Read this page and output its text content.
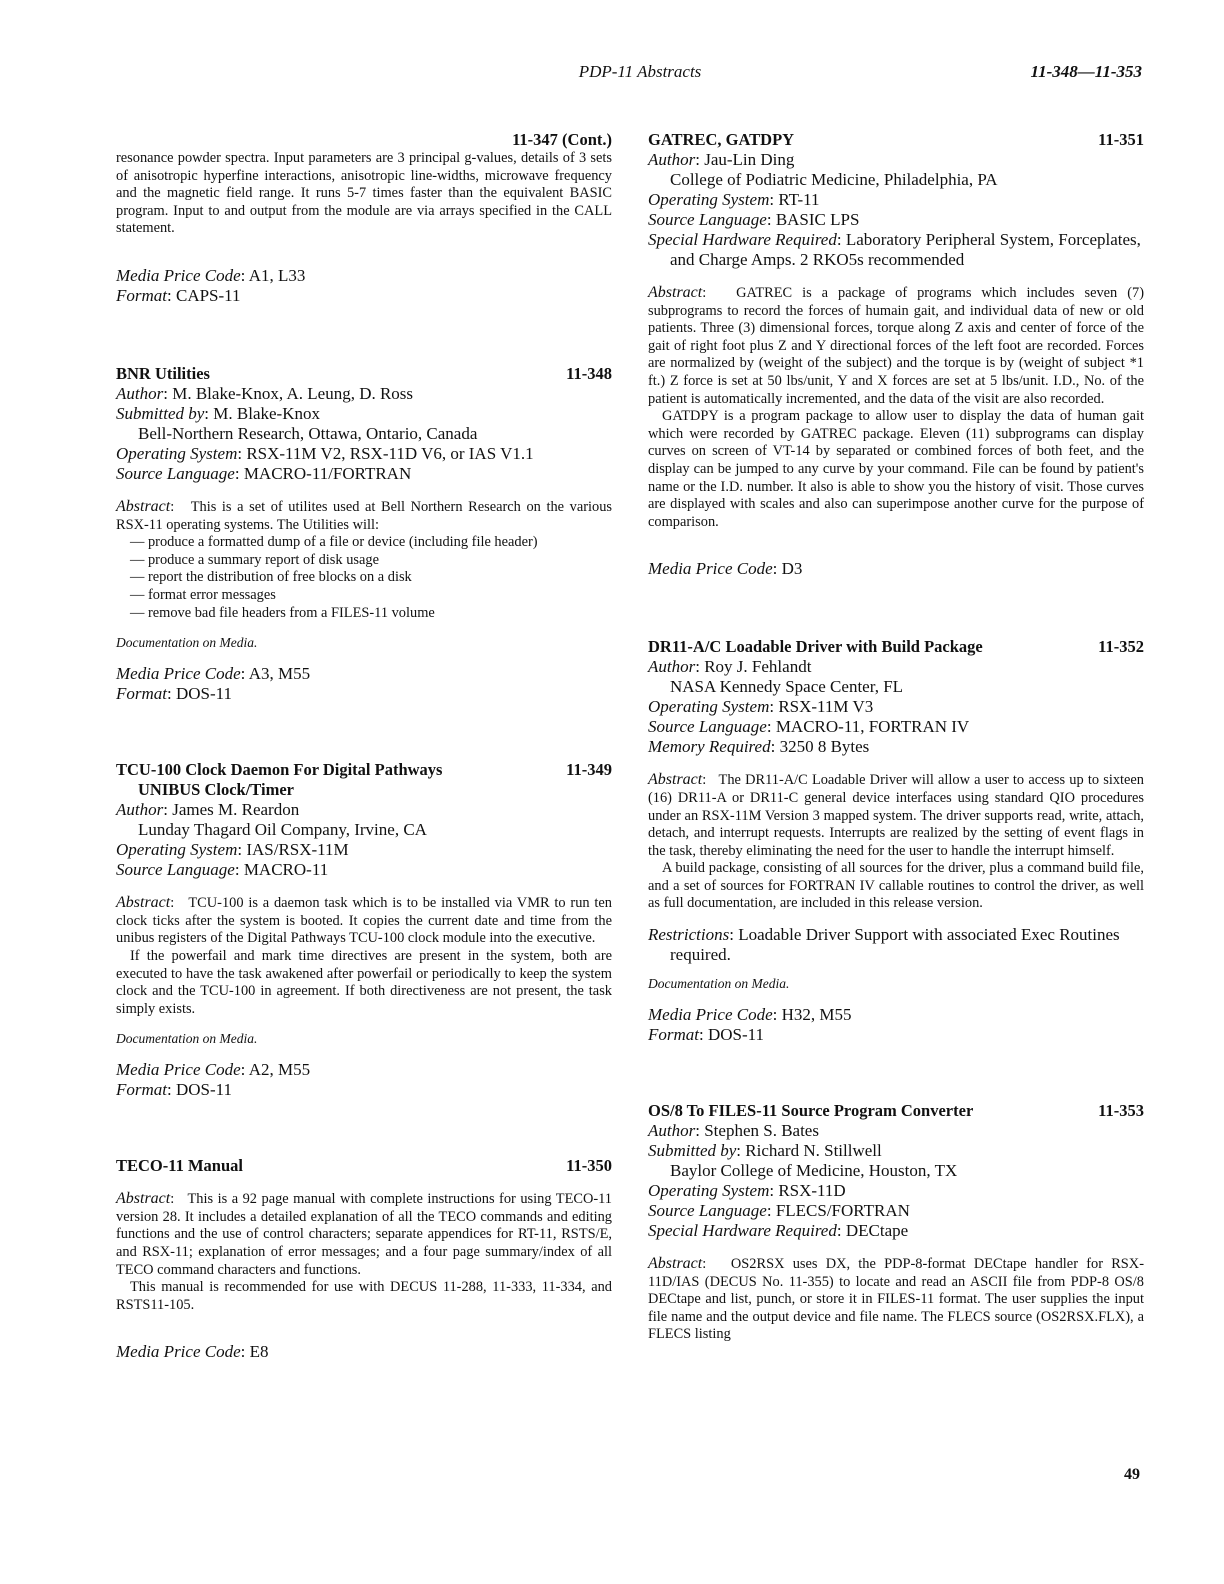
PDP-11 Abstracts	11-348—11-353
11-347 (Cont.)

resonance powder spectra. Input parameters are 3 principal g-values, details of 3 sets of anisotropic hyperfine interactions, anisotropic line-widths, microwave frequency and the magnetic field range. It runs 5-7 times faster than the equivalent BASIC program. Input to and output from the module are via arrays specified in the CALL statement.

Media Price Code: A1, L33
Format: CAPS-11
BNR Utilities	11-348
Author: M. Blake-Knox, A. Leung, D. Ross
Submitted by: M. Blake-Knox
Bell-Northern Research, Ottawa, Ontario, Canada
Operating System: RSX-11M V2, RSX-11D V6, or IAS V1.1
Source Language: MACRO-11/FORTRAN

Abstract:   This is a set of utilites used at Bell Northern Research on the various RSX-11 operating systems. The Utilities will:

— produce a formatted dump of a file or device (including file header)
— produce a summary report of disk usage
— report the distribution of free blocks on a disk
— format error messages
— remove bad file headers from a FILES-11 volume
Documentation on Media.
Media Price Code: A3, M55
Format: DOS-11
TCU-100 Clock Daemon For Digital Pathways	11-349
UNIBUS Clock/Timer
Author: James M. Reardon
Lunday Thagard Oil Company, Irvine, CA
Operating System: IAS/RSX-11M
Source Language: MACRO-11

Abstract:   TCU-100 is a daemon task which is to be installed via VMR to run ten clock ticks after the system is booted. It copies the current date and time from the unibus registers of the Digital Pathways TCU-100 clock module into the executive.

If the powerfail and mark time directives are present in the system, both are executed to have the task awakened after powerfail or periodically to keep the system clock and the TCU-100 in agreement. If both directiveness are not present, the task simply exists.

Documentation on Media.
Media Price Code: A2, M55
Format: DOS-11
TECO-11 Manual	11-350

Abstract:   This is a 92 page manual with complete instructions for using TECO-11 version 28. It includes a detailed explanation of all the TECO commands and editing functions and the use of control characters; separate appendices for RT-11, RSTS/E, and RSX-11; explanation of error messages; and a four page summary/index of all TECO command characters and functions.

This manual is recommended for use with DECUS 11-288, 11-333, 11-334, and RSTS11-105.

Media Price Code: E8
GATREC, GATDPY	11-351
Author: Jau-Lin Ding
College of Podiatric Medicine, Philadelphia, PA
Operating System: RT-11
Source Language: BASIC LPS
Special Hardware Required: Laboratory Peripheral System, Forceplates, and Charge Amps. 2 RKO5s recommended

Abstract:   GATREC is a package of programs which includes seven (7) subprograms to record the forces of humain gait, and individual data of new or old patients. Three (3) dimensional forces, torque along Z axis and center of force of the gait of right foot plus Z and Y directional forces of the left foot are recorded. Forces are normalized by (weight of the subject) and the torque is by (weight of subject *1 ft.) Z force is set at 50 lbs/unit, Y and X forces are set at 5 lbs/unit. I.D., No. of the patient is automatically incremented, and the data of the visit are also recorded.

GATDPY is a program package to allow user to display the data of human gait which were recorded by GATREC package. Eleven (11) subprograms can display curves on screen of VT-14 by separated or combined forces of both feet, and the display can be jumped to any curve by your command. File can be found by patient's name or the I.D. number. It also is able to show you the history of visit. Those curves are displayed with scales and also can superimpose another curve for the purpose of comparison.

Media Price Code: D3
DR11-A/C Loadable Driver with Build Package	11-352
Author: Roy J. Fehlandt
NASA Kennedy Space Center, FL
Operating System: RSX-11M V3
Source Language: MACRO-11, FORTRAN IV
Memory Required: 3250 8 Bytes

Abstract:   The DR11-A/C Loadable Driver will allow a user to access up to sixteen (16) DR11-A or DR11-C general device interfaces using standard QIO procedures under an RSX-11M Version 3 mapped system. The driver supports read, write, attach, detach, and interrupt requests. Interrupts are realized by the setting of event flags in the task, thereby eliminating the need for the user to handle the interrupt himself.

A build package, consisting of all sources for the driver, plus a command build file, and a set of sources for FORTRAN IV callable routines to control the driver, as well as full documentation, are included in this release version.

Restrictions: Loadable Driver Support with associated Exec Routines required.
Documentation on Media.
Media Price Code: H32, M55
Format: DOS-11
OS/8 To FILES-11 Source Program Converter	11-353
Author: Stephen S. Bates
Submitted by: Richard N. Stillwell
Baylor College of Medicine, Houston, TX
Operating System: RSX-11D
Source Language: FLECS/FORTRAN
Special Hardware Required: DECtape

Abstract:   OS2RSX uses DX, the PDP-8-format DECtape handler for RSX-11D/IAS (DECUS No. 11-355) to locate and read an ASCII file from PDP-8 OS/8 DECtape and list, punch, or store it in FILES-11 format. The user supplies the input file name and the output device and file name. The FLECS source (OS2RSX.FLX), a FLECS listing

49
